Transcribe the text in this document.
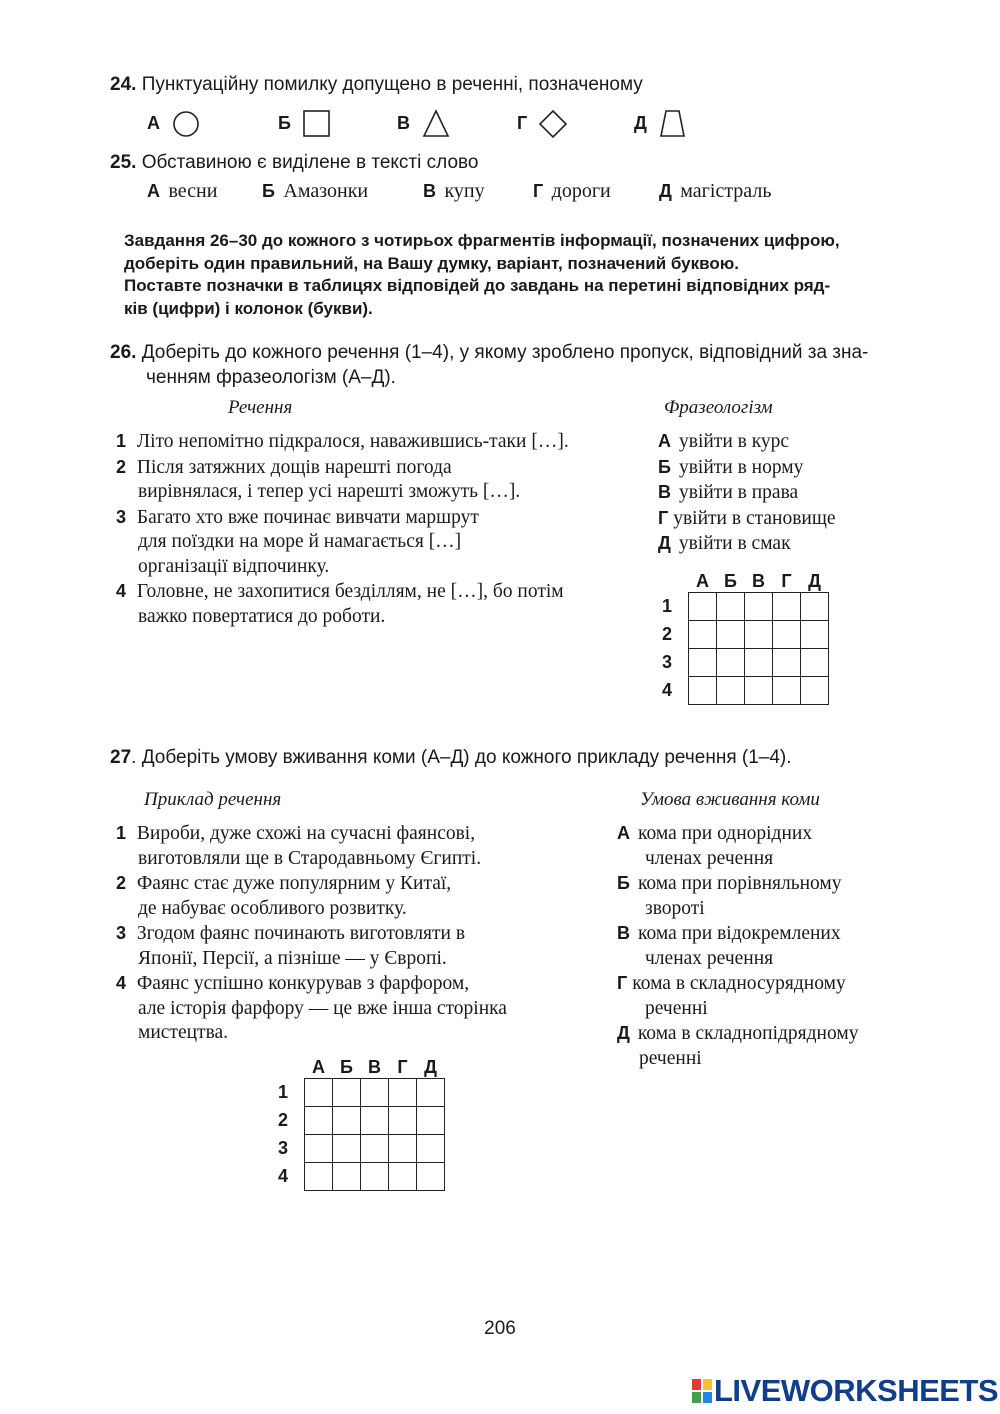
24. Пунктуаційну помилку допущено в реченні, позначеному
А	Б	В	Г	Д
25. Обставиною є виділене в тексті слово
А весни Б Амазонки	В купу	Г дороги	Д магістраль
Завдання 26–30 до кожного з чотирьох фрагментів інформації, позначених цифрою,
доберіть один правильний, на Вашу думку, варіант, позначений буквою.
Поставте позначки в таблицях відповідей до завдань на перетині відповідних ряд-
ків (цифри) і колонок (букви).
26. Доберіть до кожного речення (1–4), у якому зроблено пропуск, відповідний за зна-
ченням фразеологізм (А–Д).
Речення	Фразеологізм
1 Літо непомітно підкралося, наважившись-таки […].
2 Після затяжних дощів нарешті погода
вирівнялася, і тепер усі нарешті зможуть […].
3 Багато хто вже починає вивчати маршрут
для поїздки на море й намагається […]
організації відпочинку.
4 Головне, не захопитися безділлям, не […], бо потім
важко повертатися до роботи.
А увійти в курс
Б увійти в норму
В увійти в права
Г увійти в становище
Д увійти в смак
	А	Б	В	Г	Д
1					
2					
3					
4					
27. Доберіть умову вживання коми (А–Д) до кожного прикладу речення (1–4).
Приклад речення	Умова вживання коми
1 Вироби, дуже схожі на сучасні фаянсові,
виготовляли ще в Стародавньому Єгипті.
2 Фаянс стає дуже популярним у Китаї,
де набуває особливого розвитку.
3 Згодом фаянс починають виготовляти в
Японії, Персії, а пізніше — у Європі.
4 Фаянс успішно конкурував з фарфором,
але історія фарфору — це вже інша сторінка
мистецтва.
А кома при однорідних
членах речення
Б кома при порівняльному
звороті
В кома при відокремлених
членах речення
Г кома в складносурядному
реченні
Д кома в складнопідрядному
реченні
	А	Б	В	Г	Д
1					
2					
3					
4					
206
LIVEWORKSHEETS
